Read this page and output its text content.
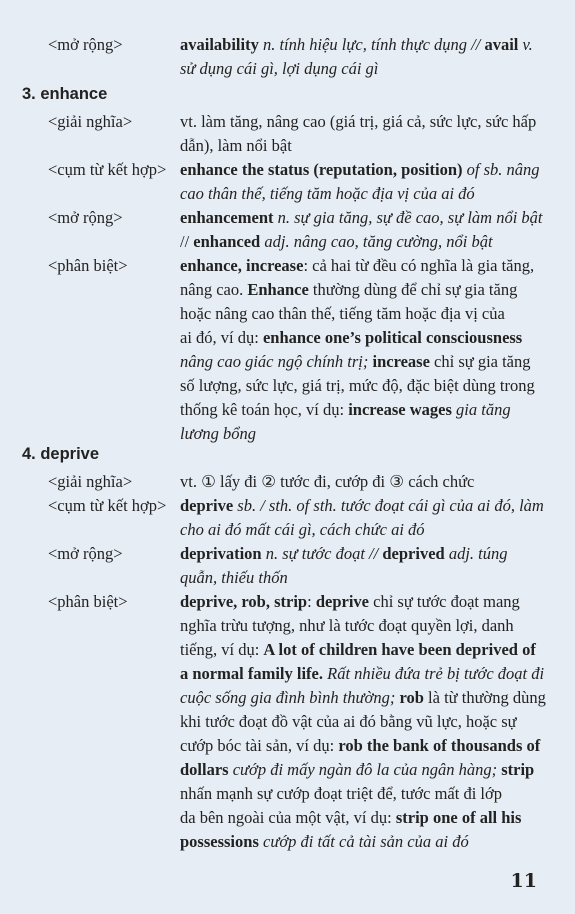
<mở rộng>	availability n. tính hiệu lực, tính thực dụng // avail v.
sử dụng cái gì, lợi dụng cái gì
3. enhance
<giải nghĩa>	vt. làm tăng, nâng cao (giá trị, giá cả, sức lực, sức hấp
dẫn), làm nổi bật
<cụm từ kết hợp> enhance the status (reputation, position) of sb. nâng
cao thân thế, tiếng tăm hoặc địa vị của ai đó
<mở rộng>	enhancement n. sự gia tăng, sự đề cao, sự làm nổi bật
// enhanced adj. nâng cao, tăng cường, nổi bật
<phân biệt>	enhance, increase: cả hai từ đều có nghĩa là gia tăng,
nâng cao. Enhance thường dùng để chỉ sự gia tăng
hoặc nâng cao thân thế, tiếng tăm hoặc địa vị của
ai đó, ví dụ: enhance one’s political consciousness
nâng cao giác ngộ chính trị; increase chỉ sự gia tăng
số lượng, sức lực, giá trị, mức độ, đặc biệt dùng trong
thống kê toán học, ví dụ: increase wages gia tăng
lương bổng
4. deprive
<giải nghĩa>	vt. ① lấy đi ② tước đi, cướp đi ③ cách chức
<cụm từ kết hợp> deprive sb. / sth. of sth. tước đoạt cái gì của ai đó, làm
cho ai đó mất cái gì, cách chức ai đó
<mở rộng>	deprivation n. sự tước đoạt // deprived adj. túng
quẫn, thiếu thốn
<phân biệt>	deprive, rob, strip: deprive chỉ sự tước đoạt mang
nghĩa trừu tượng, như là tước đoạt quyền lợi, danh
tiếng, ví dụ: A lot of children have been deprived of
a normal family life. Rất nhiều đứa trẻ bị tước đoạt đi
cuộc sống gia đình bình thường; rob là từ thường dùng
khi tước đoạt đồ vật của ai đó bằng vũ lực, hoặc sự
cướp bóc tài sản, ví dụ: rob the bank of thousands of
dollars cướp đi mấy ngàn đô la của ngân hàng; strip
nhấn mạnh sự cướp đoạt triệt để, tước mất đi lớp
da bên ngoài của một vật, ví dụ: strip one of all his
possessions cướp đi tất cả tài sản của ai đó
11
